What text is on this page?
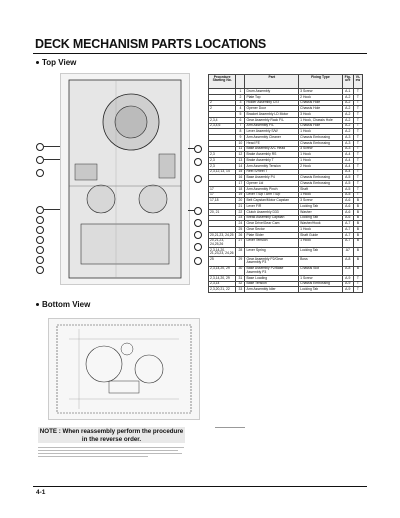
DECK MECHANISM PARTS LOCATIONS
Top View
Bottom View
Procedure Starting No.		Part	Fixing Type	Fig-ure	Vi-ew
	1	Drum Assembly	3 Screw	A-1	T
	2	Plate Top	2 Hook	A-2	T
2	3	Holder Assembly CST	Chassis Hole	A-2	T
2	4	Opener Door	Chassis Hole	A-2	T
	5	Bracket Assembly LD Motor	3 Hook	A-2	T
2,3,4	6	Gear Assembly Rack F/L	1 Hook, Chassis Hole	A-2	T
2,3,4,6	7	Arm Assembly F/L	Chassis Hole	A-2	T
	8	Lever Assembly S/W	1 Hook	A-2	T
	9	Arm Assembly Cleaner	Chassis Embossing	A-3	T
	10	Head FE	Chassis Embossing	A-3	T
	11	Base Assembly A/C Head	3 Screw	A-3	T
2,3	12	Brake Assembly RS	1 Hook	A-4	T
2,3	13	Brake Assembly T	1 Hook	A-4	T
2,3	14	Arm Assembly Tension	2 Hook	A-4	T
2,3,12,13, 14	15	Reel S/Reel T		A-4	T
	16	Base Assembly P4	Chassis Embossing	A-5	T
	17	Opener Lid	Chassis Embossing	A-5	T
17	18	Arm Assembly Pinch	Shaft	A-5	T
17	19	Lever T/Up / Arm T/Up	1 Hook	A-5	T
17,18	20	Belt Capstan/Motor Capstan	3 Screw	A-6	B
	21	Lever F/R	Locking Tab	A-6	B
20, 21	22	Clutch Assembly D33	Washer	A-6	B
	23	Break Assembly Capstan	Locking Tab	A-6	B
	24	Gear Drive/Gear Cam	Washer/Hook	A-7	B
	25	Gear Sector	1 Hook	A-7	B
20,21,23, 24,25	26	Plate Slider	Shaft Guide	A-7	B
20,21,23, 24,25,26	27	Lever Tension	1 Hook	A-7	B
2,3,14,20, 21,23,23, 24,26	28	Lever Spring	Locking Tab	A7	B
25	29	Gear Assembly P2/Gear Assembly P3	Boss	A-8	B
2,3,14,20, 29	30	Base Assembly P2/Base Assembly P3	Chassis Slot	A-8	B
2,3,14,20, 29	31	Base Loading	1 Screw	A-9	T
2,3,14	32	Base Tension	Chassis Embossing	A-9	T
2,3,20,21, 22	33	Arm Assembly Idler	Locking Tab	A-9	T
NOTE : When reassembly perform the procedure in the reverse order.
4-1
